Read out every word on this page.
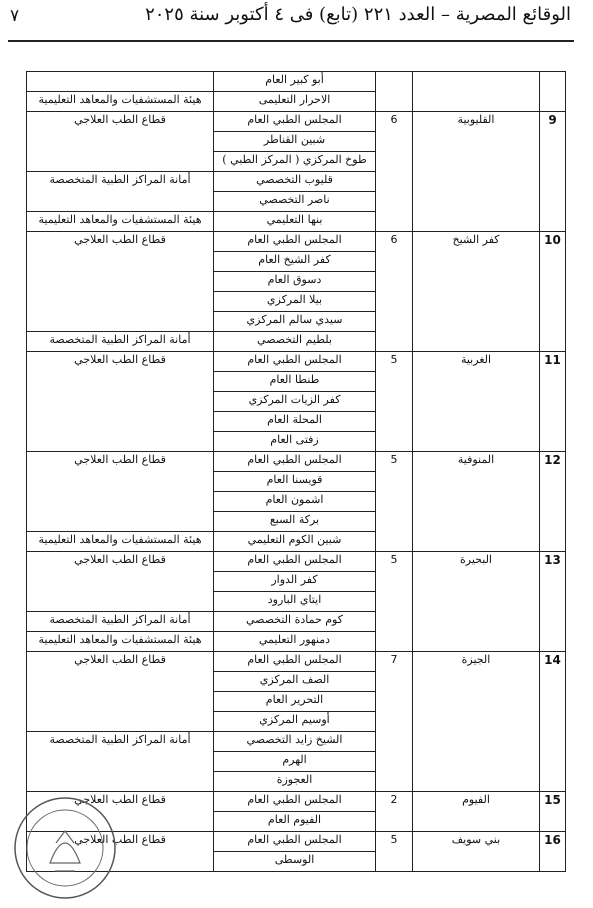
٧	الوقائع المصرية – العدد ٢٢١ (تابع) فى ٤ أكتوبر سنة ٢٠٢٥

			أبو كبير العام	
			الاحرار التعليمى	هيئة المستشفيات والمعاهد التعليمية
9	القليوبية	6	المجلس الطبي العام	قطاع الطب العلاجي
			شبين القناطر	
			طوخ المركزي ( المركز الطبي )	
			قليوب التخصصي	أمانة المراكز الطبية المتخصصة
			ناصر التخصصي	
			بنها التعليمي	هيئة المستشفيات والمعاهد التعليمية
10	كفر الشيخ	6	المجلس الطبي العام	قطاع الطب العلاجي
			كفر الشيخ العام	
			دسوق العام	
			بيلا المركزي	
			سيدي سالم المركزي	
			بلطيم التخصصي	أمانة المراكز الطبية المتخصصة
11	الغربية	5	المجلس الطبي العام	قطاع الطب العلاجي
			طنطا العام	
			كفر الزيات المركزي	
			المحلة العام	
			زفتى العام	
12	المنوفية	5	المجلس الطبي العام	قطاع الطب العلاجي
			قويسنا العام	
			اشمون العام	
			بركة السبع	
			شبين الكوم التعليمي	هيئة المستشفيات والمعاهد التعليمية
13	البحيرة	5	المجلس الطبي العام	قطاع الطب العلاجي
			كفر الدوار	
			ايتاي البارود	
			كوم حمادة التخصصي	أمانة المراكز الطبية المتخصصة
			دمنهور التعليمي	هيئة المستشفيات والمعاهد التعليمية
14	الجيزة	7	المجلس الطبي العام	قطاع الطب العلاجي
			الصف المركزي	
			التحرير العام	
			أوسيم المركزي	
			الشيخ زايد التخصصي	أمانة المراكز الطبية المتخصصة
			الهرم	
			العجوزة	
15	الفيوم	2	المجلس الطبي العام	قطاع الطب العلاجي
			الفيوم العام	
16	بني سويف	5	المجلس الطبي العام	قطاع الطب العلاجي
			الوسطى	
